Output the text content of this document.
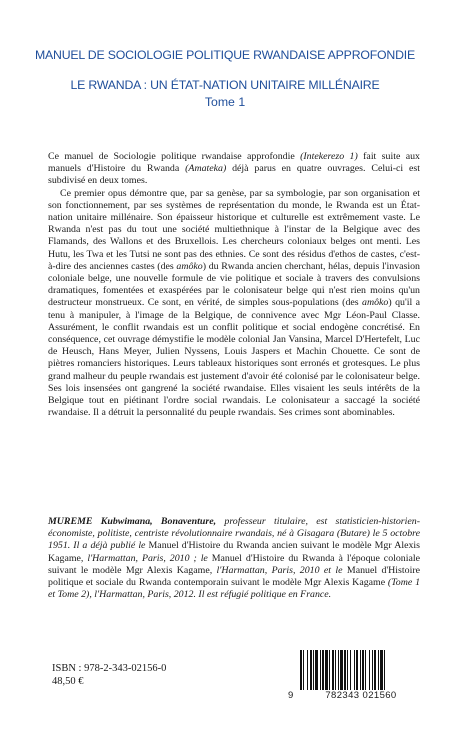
MANUEL DE SOCIOLOGIE POLITIQUE RWANDAISE APPROFONDIE
LE RWANDA : UN ÉTAT-NATION UNITAIRE MILLÉNAIRE
Tome 1

Ce manuel de Sociologie politique rwandaise approfondie (Intekerezo 1) fait suite aux manuels d'Histoire du Rwanda (Amateka) déjà parus en quatre ouvrages. Celui-ci est subdivisé en deux tomes.

Ce premier opus démontre que, par sa genèse, par sa symbologie, par son organisation et son fonctionnement, par ses systèmes de représentation du monde, le Rwanda est un État-nation unitaire millénaire. Son épaisseur historique et culturelle est extrêmement vaste. Le Rwanda n'est pas du tout une société multiethnique à l'instar de la Belgique avec des Flamands, des Wallons et des Bruxellois. Les chercheurs coloniaux belges ont menti. Les Hutu, les Twa et les Tutsi ne sont pas des ethnies. Ce sont des résidus d'ethos de castes, c'est-à-dire des anciennes castes (des amôko) du Rwanda ancien cherchant, hélas, depuis l'invasion coloniale belge, une nouvelle formule de vie politique et sociale à travers des convulsions dramatiques, fomentées et exaspérées par le colonisateur belge qui n'est rien moins qu'un destructeur monstrueux. Ce sont, en vérité, de simples sous-populations (des amôko) qu'il a tenu à manipuler, à l'image de la Belgique, de connivence avec Mgr Léon-Paul Classe. Assurément, le conflit rwandais est un conflit politique et social endogène concrétisé. En conséquence, cet ouvrage démystifie le modèle colonial Jan Vansina, Marcel D'Hertefelt, Luc de Heusch, Hans Meyer, Julien Nyssens, Louis Jaspers et Machin Chouette. Ce sont de piètres romanciers historiques. Leurs tableaux historiques sont erronés et grotesques. Le plus grand malheur du peuple rwandais est justement d'avoir été colonisé par le colonisateur belge. Ses lois insensées ont gangrené la société rwandaise. Elles visaient les seuls intérêts de la Belgique tout en piétinant l'ordre social rwandais. Le colonisateur a saccagé la société rwandaise. Il a détruit la personnalité du peuple rwandais. Ses crimes sont abominables.

MUREME Kubwimana, Bonaventure, professeur titulaire, est statisticien-historien-économiste, politiste, centriste révolutionnaire rwandais, né à Gisagara (Butare) le 5 octobre 1951. Il a déjà publié le Manuel d'Histoire du Rwanda ancien suivant le modèle Mgr Alexis Kagame, l'Harmattan, Paris, 2010 ; le Manuel d'Histoire du Rwanda à l'époque coloniale suivant le modèle Mgr Alexis Kagame, l'Harmattan, Paris, 2010 et le Manuel d'Histoire politique et sociale du Rwanda contemporain suivant le modèle Mgr Alexis Kagame (Tome 1 et Tome 2), l'Harmattan, Paris, 2012. Il est réfugié politique en France.
ISBN : 978-2-343-02156-0
48,50 €
9	782343 021560
